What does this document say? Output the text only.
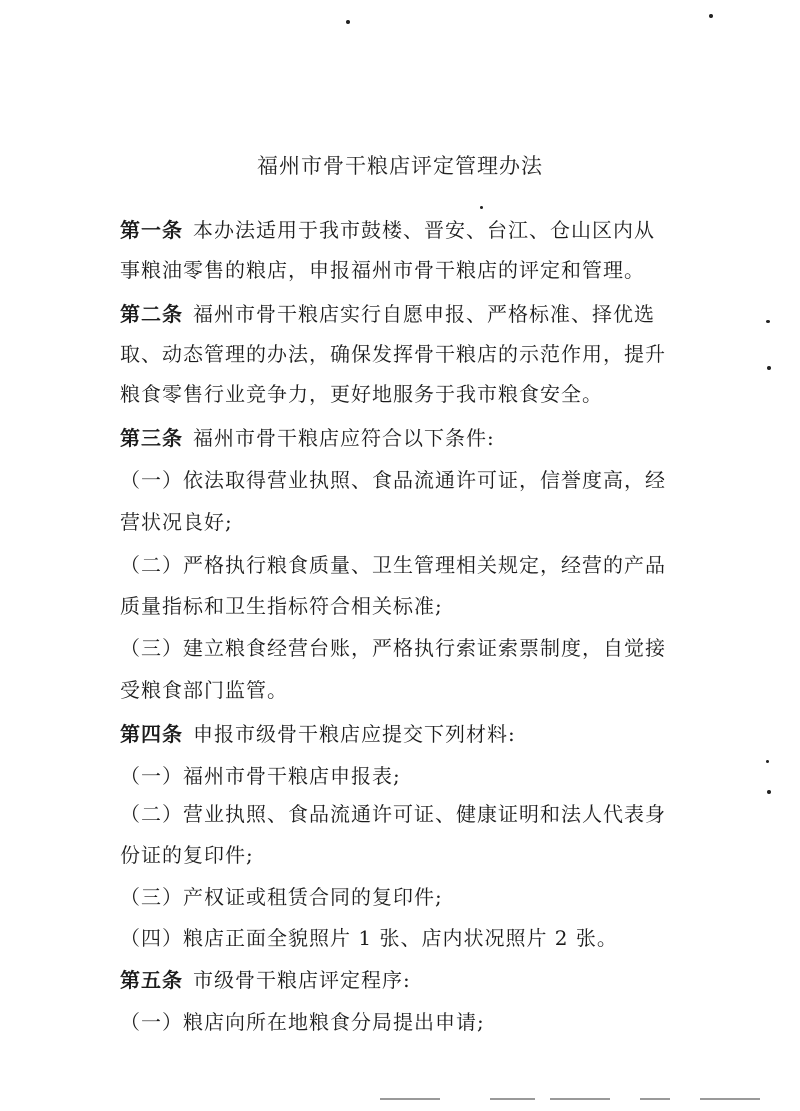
福州市骨干粮店评定管理办法
第一条 本办法适用于我市鼓楼、晋安、台江、仓山区内从
事粮油零售的粮店，申报福州市骨干粮店的评定和管理。
第二条 福州市骨干粮店实行自愿申报、严格标准、择优选
取、动态管理的办法，确保发挥骨干粮店的示范作用，提升
粮食零售行业竞争力，更好地服务于我市粮食安全。
第三条 福州市骨干粮店应符合以下条件:
（一）依法取得营业执照、食品流通许可证，信誉度高，经
营状况良好;
（二）严格执行粮食质量、卫生管理相关规定，经营的产品
质量指标和卫生指标符合相关标准;
（三）建立粮食经营台账，严格执行索证索票制度，自觉接
受粮食部门监管。
第四条 申报市级骨干粮店应提交下列材料:
（一）福州市骨干粮店申报表;
（二）营业执照、食品流通许可证、健康证明和法人代表身
份证的复印件;
（三）产权证或租赁合同的复印件;
（四）粮店正面全貌照片 1 张、店内状况照片 2 张。
第五条 市级骨干粮店评定程序:
（一）粮店向所在地粮食分局提出申请;
